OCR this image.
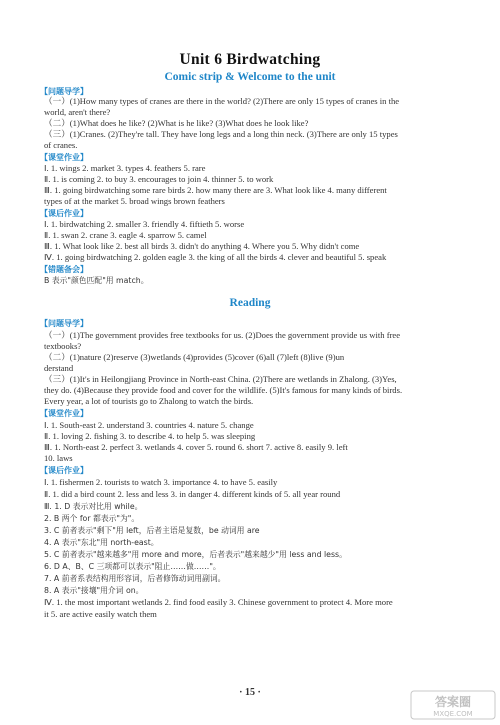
Unit 6 Birdwatching
Comic strip & Welcome to the unit
【问题导学】
（一）(1)How many types of cranes are there in the world? (2)There are only 15 types of cranes in the
world, aren't there?
（二）(1)What does he like? (2)What is he like? (3)What does he look like?
（三）(1)Cranes. (2)They're tall. They have long legs and a long thin neck. (3)There are only 15 types
of cranes.
【课堂作业】
Ⅰ. 1. wings 2. market 3. types 4. feathers 5. rare
Ⅱ. 1. is coming 2. to buy 3. encourages to join 4. thinner 5. to work
Ⅲ. 1. going birdwatching some rare birds 2. how many there are 3. What look like 4. many different
types of at the market 5. broad wings brown feathers
【课后作业】
Ⅰ. 1. birdwatching 2. smaller 3. friendly 4. fiftieth 5. worse
Ⅱ. 1. swan 2. crane 3. eagle 4. sparrow 5. camel
Ⅲ. 1. What look like 2. best all birds 3. didn't do anything 4. Where you 5. Why didn't come
Ⅳ. 1. going birdwatching 2. golden eagle 3. the king of all the birds 4. clever and beautiful 5. speak
【错题备会】
B 表示"颜色匹配"用 match。
Reading
【问题导学】
（一）(1)The government provides free textbooks for us. (2)Does the government provide us with free
textbooks?
（二）(1)nature (2)reserve (3)wetlands (4)provides (5)cover (6)all (7)left (8)live (9)un
derstand
（三）(1)It's in Heilongjiang Province in North-east China. (2)There are wetlands in Zhalong. (3)Yes,
they do. (4)Because they provide food and cover for the wildlife. (5)It's famous for many kinds of birds.
Every year, a lot of tourists go to Zhalong to watch the birds.
【课堂作业】
Ⅰ. 1. South-east 2. understand 3. countries 4. nature 5. change
Ⅱ. 1. loving 2. fishing 3. to describe 4. to help 5. was sleeping
Ⅲ. 1. North-east 2. perfect 3. wetlands 4. cover 5. round 6. short 7. active 8. easily 9. left
10. laws
【课后作业】
Ⅰ. 1. fishermen 2. tourists to watch 3. importance 4. to have 5. easily
Ⅱ. 1. did a bird count 2. less and less 3. in danger 4. different kinds of 5. all year round
Ⅲ. 1. D 表示对比用 while。
2. B 两个 for 都表示"为"。
3. C 前者表示"剩下"用 left，后者主语是复数，be 动词用 are
4. A 表示"东北"用 north-east。
5. C 前者表示"越来越多"用 more and more，后者表示"越来越少"用 less and less。
6. D A、B、C 三项都可以表示"阻止……做……"。
7. A 前者系表结构用形容词，后者修饰动词用副词。
8. A 表示"接壤"用介词 on。
Ⅳ. 1. the most important wetlands 2. find food easily 3. Chinese government to protect 4. More more
it 5. are active easily watch them
· 15 ·
答案圈
MXQE.COM
